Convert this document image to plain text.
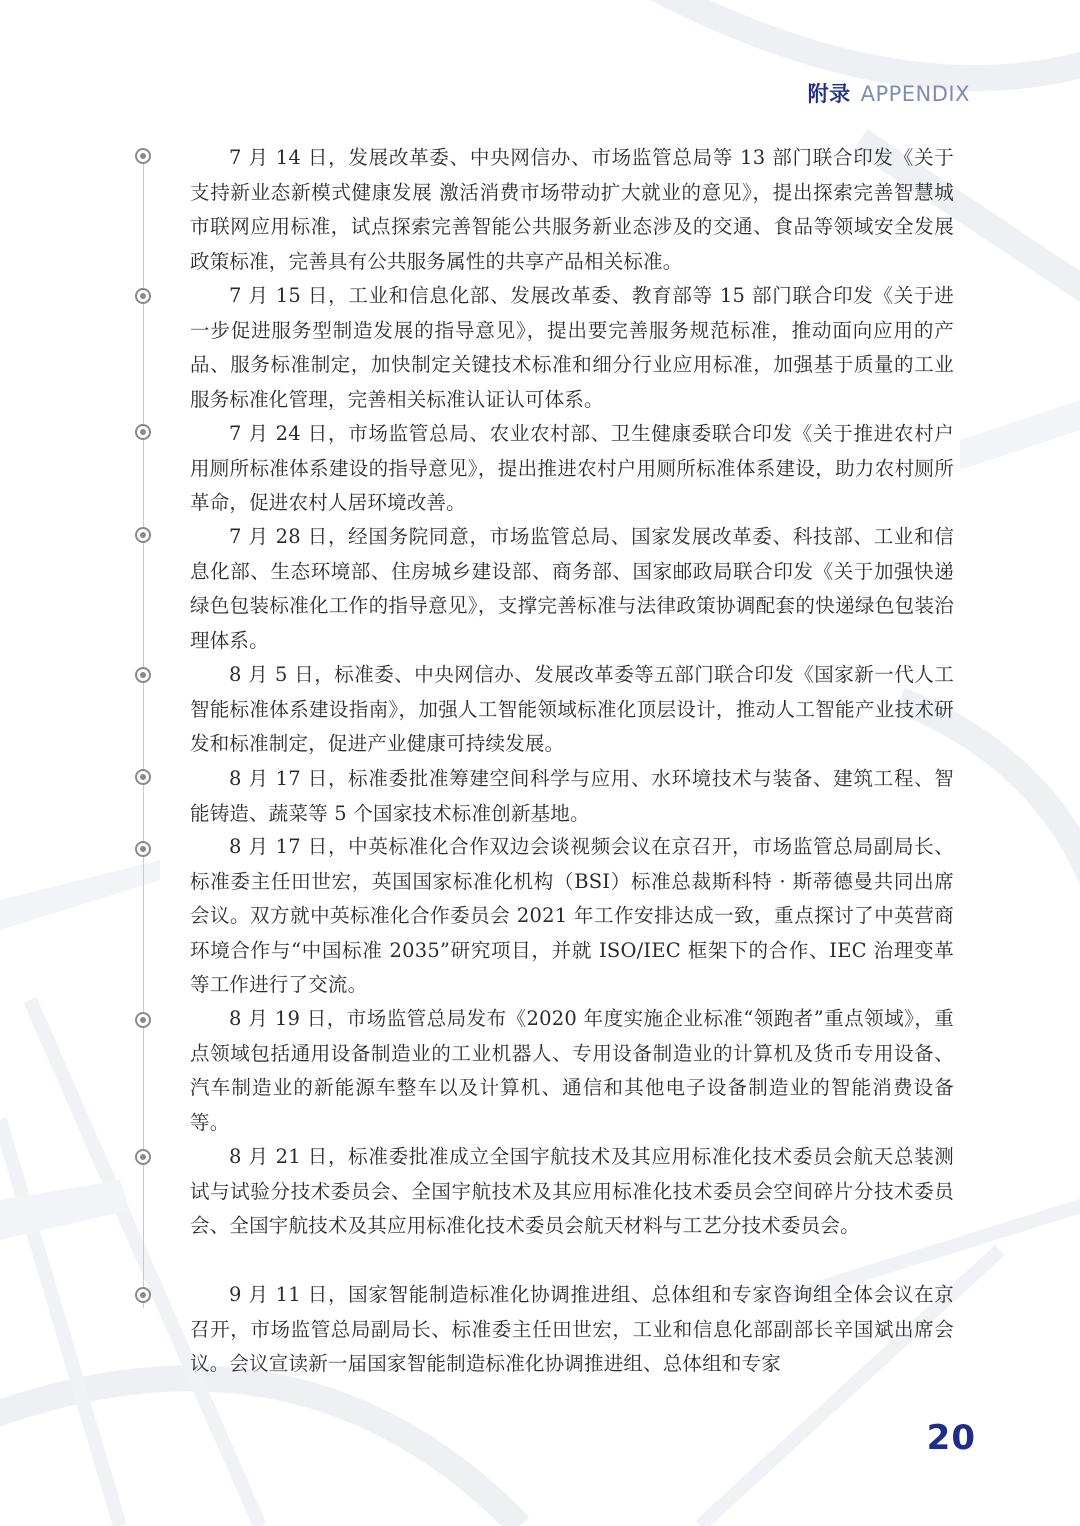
附录 APPENDIX

7 月 14 日，发展改革委、中央网信办、市场监管总局等 13 部门联合印发《关于支持新业态新模式健康发展 激活消费市场带动扩大就业的意见》，提出探索完善智慧城市联网应用标准，试点探索完善智能公共服务新业态涉及的交通、食品等领域安全发展政策标准，完善具有公共服务属性的共享产品相关标准。

7 月 15 日，工业和信息化部、发展改革委、教育部等 15 部门联合印发《关于进一步促进服务型制造发展的指导意见》，提出要完善服务规范标准，推动面向应用的产品、服务标准制定，加快制定关键技术标准和细分行业应用标准，加强基于质量的工业服务标准化管理，完善相关标准认证认可体系。

7 月 24 日，市场监管总局、农业农村部、卫生健康委联合印发《关于推进农村户用厕所标准体系建设的指导意见》，提出推进农村户用厕所标准体系建设，助力农村厕所革命，促进农村人居环境改善。

7 月 28 日，经国务院同意，市场监管总局、国家发展改革委、科技部、工业和信息化部、生态环境部、住房城乡建设部、商务部、国家邮政局联合印发《关于加强快递绿色包装标准化工作的指导意见》，支撑完善标准与法律政策协调配套的快递绿色包装治理体系。

8 月 5 日，标准委、中央网信办、发展改革委等五部门联合印发《国家新一代人工智能标准体系建设指南》，加强人工智能领域标准化顶层设计，推动人工智能产业技术研发和标准制定，促进产业健康可持续发展。

8 月 17 日，标准委批准筹建空间科学与应用、水环境技术与装备、建筑工程、智能铸造、蔬菜等 5 个国家技术标准创新基地。

8 月 17 日，中英标准化合作双边会谈视频会议在京召开，市场监管总局副局长、标准委主任田世宏，英国国家标准化机构（BSI）标准总裁斯科特 · 斯蒂德曼共同出席会议。双方就中英标准化合作委员会 2021 年工作安排达成一致，重点探讨了中英营商环境合作与“中国标准 2035”研究项目，并就 ISO/IEC 框架下的合作、IEC 治理变革等工作进行了交流。

8 月 19 日，市场监管总局发布《2020 年度实施企业标准“领跑者”重点领域》，重点领域包括通用设备制造业的工业机器人、专用设备制造业的计算机及货币专用设备、汽车制造业的新能源车整车以及计算机、通信和其他电子设备制造业的智能消费设备等。

8 月 21 日，标准委批准成立全国宇航技术及其应用标准化技术委员会航天总装测试与试验分技术委员会、全国宇航技术及其应用标准化技术委员会空间碎片分技术委员会、全国宇航技术及其应用标准化技术委员会航天材料与工艺分技术委员会。

9 月 11 日，国家智能制造标准化协调推进组、总体组和专家咨询组全体会议在京召开，市场监管总局副局长、标准委主任田世宏，工业和信息化部副部长辛国斌出席会议。会议宣读新一届国家智能制造标准化协调推进组、总体组和专家

20
